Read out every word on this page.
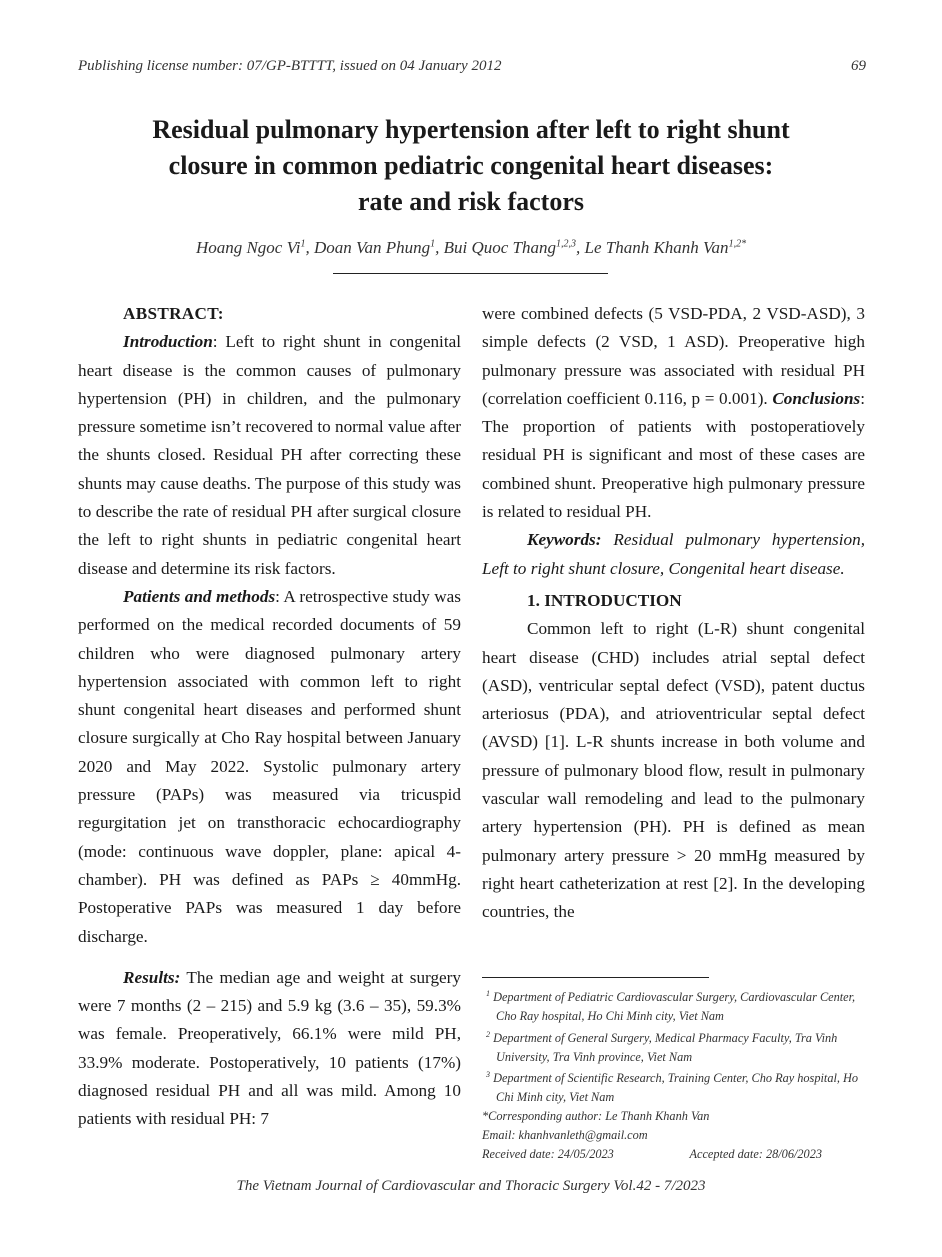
Publishing license number: 07/GP-BTTTT, issued on 04 January 2012	69
Residual pulmonary hypertension after left to right shunt
closure in common pediatric congenital heart diseases:
rate and risk factors
Hoang Ngoc Vi$^1$, Doan Van Phung$^1$, Bui Quoc Thang$^{1,2,3}$, Le Thanh Khanh Van$^{1,2*}$
ABSTRACT:

Introduction: Left to right shunt in congenital heart disease is the common causes of pulmonary hypertension (PH) in children, and the pulmonary pressure sometime isn’t recovered to normal value after the shunts closed. Residual PH after correcting these shunts may cause deaths. The purpose of this study was to describe the rate of residual PH after surgical closure the left to right shunts in pediatric congenital heart disease and determine its risk factors.

Patients and methods: A retrospective study was performed on the medical recorded documents of 59 children who were diagnosed pulmonary artery hypertension associated with common left to right shunt congenital heart diseases and performed shunt closure surgically at Cho Ray hospital between January 2020 and May 2022. Systolic pulmonary artery pressure (PAPs) was measured via tricuspid regurgitation jet on transthoracic echocardiography (mode: continuous wave doppler, plane: apical 4-chamber). PH was defined as PAPs ≥ 40mmHg. Postoperative PAPs was measured 1 day before discharge.

Results: The median age and weight at surgery were 7 months (2 – 215) and 5.9 kg (3.6 – 35), 59.3% was female. Preoperatively, 66.1% were mild PH, 33.9% moderate. Postoperatively, 10 patients (17%) diagnosed residual PH and all was mild. Among 10 patients with residual PH: 7

were combined defects (5 VSD-PDA, 2 VSD-ASD), 3 simple defects (2 VSD, 1 ASD). Preoperative high pulmonary pressure was associated with residual PH (correlation coefficient 0.116, p = 0.001). Conclusions: The proportion of patients with postoperatiovely residual PH is significant and most of these cases are combined shunt. Preoperative high pulmonary pressure is related to residual PH.

Keywords: Residual pulmonary hypertension, Left to right shunt closure, Congenital heart disease.

1. INTRODUCTION

Common left to right (L-R) shunt congenital heart disease (CHD) includes atrial septal defect (ASD), ventricular septal defect (VSD), patent ductus arteriosus (PDA), and atrioventricular septal defect (AVSD) [1]. L-R shunts increase in both volume and pressure of pulmonary blood flow, result in pulmonary vascular wall remodeling and lead to the pulmonary artery hypertension (PH). PH is defined as mean pulmonary artery pressure > 20 mmHg measured by right heart catheterization at rest [2]. In the developing countries, the

$^1$ Department of Pediatric Cardiovascular Surgery, Cardiovascular Center, Cho Ray hospital, Ho Chi Minh city, Viet Nam

$^2$ Department of General Surgery, Medical Pharmacy Faculty, Tra Vinh University, Tra Vinh province, Viet Nam

$^3$ Department of Scientific Research, Training Center, Cho Ray hospital, Ho Chi Minh city, Viet Nam

*Corresponding author: Le Thanh Khanh Van

Email: khanhvanleth@gmail.com

Received date: 24/05/2023	Accepted date: 28/06/2023
The Vietnam Journal of Cardiovascular and Thoracic Surgery Vol.42 - 7/2023
